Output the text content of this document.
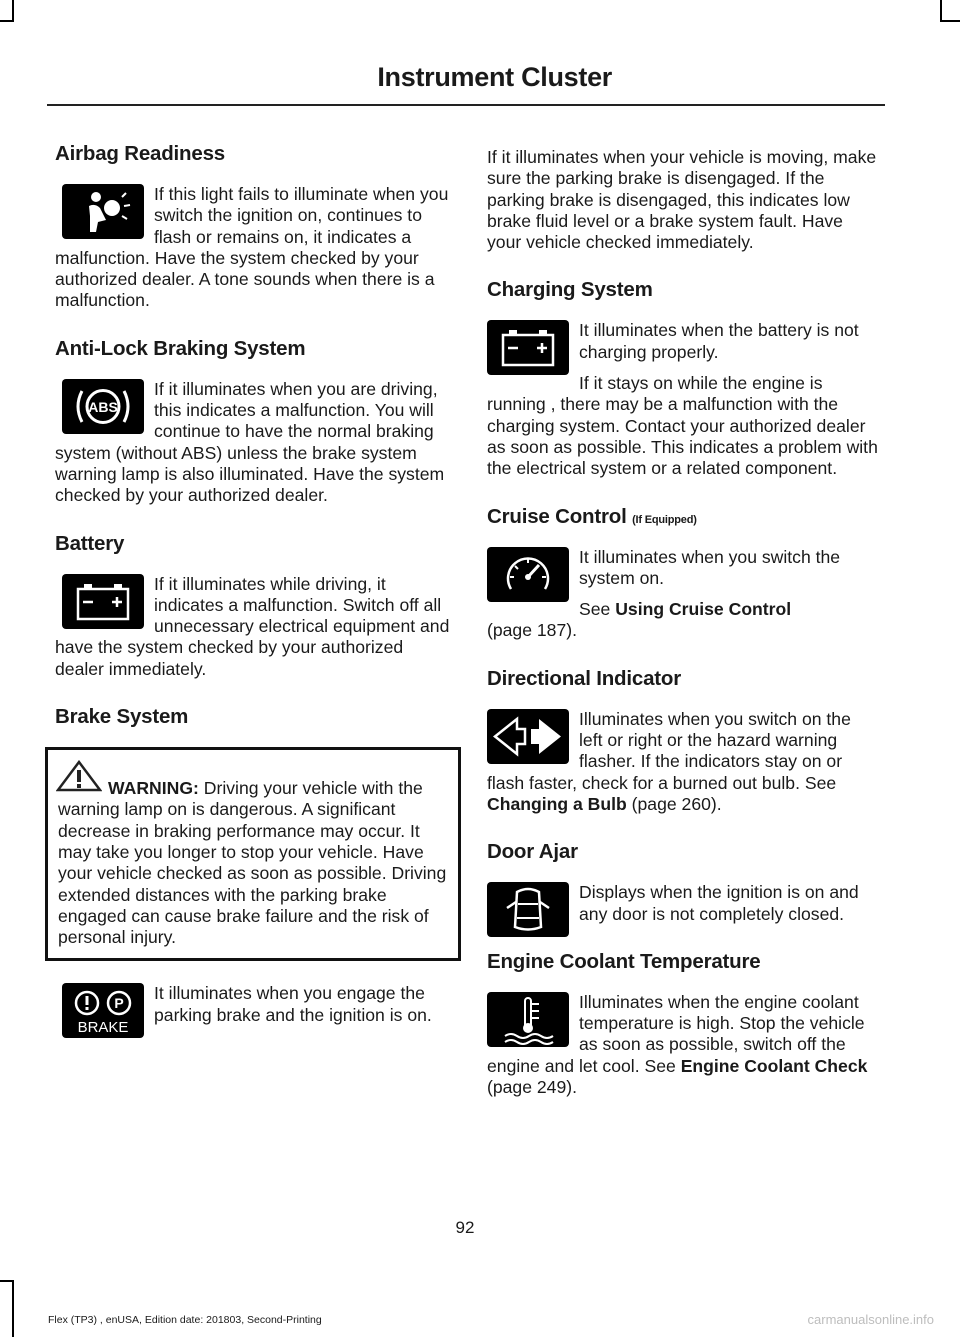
Instrument Cluster
Airbag Readiness

If this light fails to illuminate when you switch the ignition on, continues to flash or remains on, it indicates a malfunction. Have the system checked by your authorized dealer. A tone sounds when there is a malfunction.

Anti-Lock Braking System
ABS

If it illuminates when you are driving, this indicates a malfunction. You will continue to have the normal braking system (without ABS) unless the brake system warning lamp is also illuminated. Have the system checked by your authorized dealer.

Battery

If it illuminates while driving, it indicates a malfunction. Switch off all unnecessary electrical equipment and have the system checked by your authorized dealer immediately.

Brake System

WARNING: Driving your vehicle with the warning lamp on is dangerous. A significant decrease in braking performance may occur. It may take you longer to stop your vehicle. Have your vehicle checked as soon as possible. Driving extended distances with the parking brake engaged can cause brake failure and the risk of personal injury.

P
BRAKE

It illuminates when you engage the parking brake and the ignition is on.

If it illuminates when your vehicle is moving, make sure the parking brake is disengaged. If the parking brake is disengaged, this indicates low brake fluid level or a brake system fault. Have your vehicle checked immediately.

Charging System

It illuminates when the battery is not charging properly.

If it stays on while the engine is running , there may be a malfunction with the charging system. Contact your authorized dealer as soon as possible. This indicates a problem with the electrical system or a related component.

Cruise Control (If Equipped)

It illuminates when you switch the system on.

See Using Cruise Control
(page 187).

Directional Indicator

Illuminates when you switch on the left or right or the hazard warning flasher. If the indicators stay on or flash faster, check for a burned out bulb. See Changing a Bulb (page 260).

Door Ajar

Displays when the ignition is on and any door is not completely closed.

Engine Coolant Temperature

Illuminates when the engine coolant temperature is high. Stop the vehicle as soon as possible, switch off the engine and let cool. See Engine Coolant Check (page 249).

92
Flex (TP3) , enUSA, Edition date: 201803, Second-Printing	carmanualsonline.info
